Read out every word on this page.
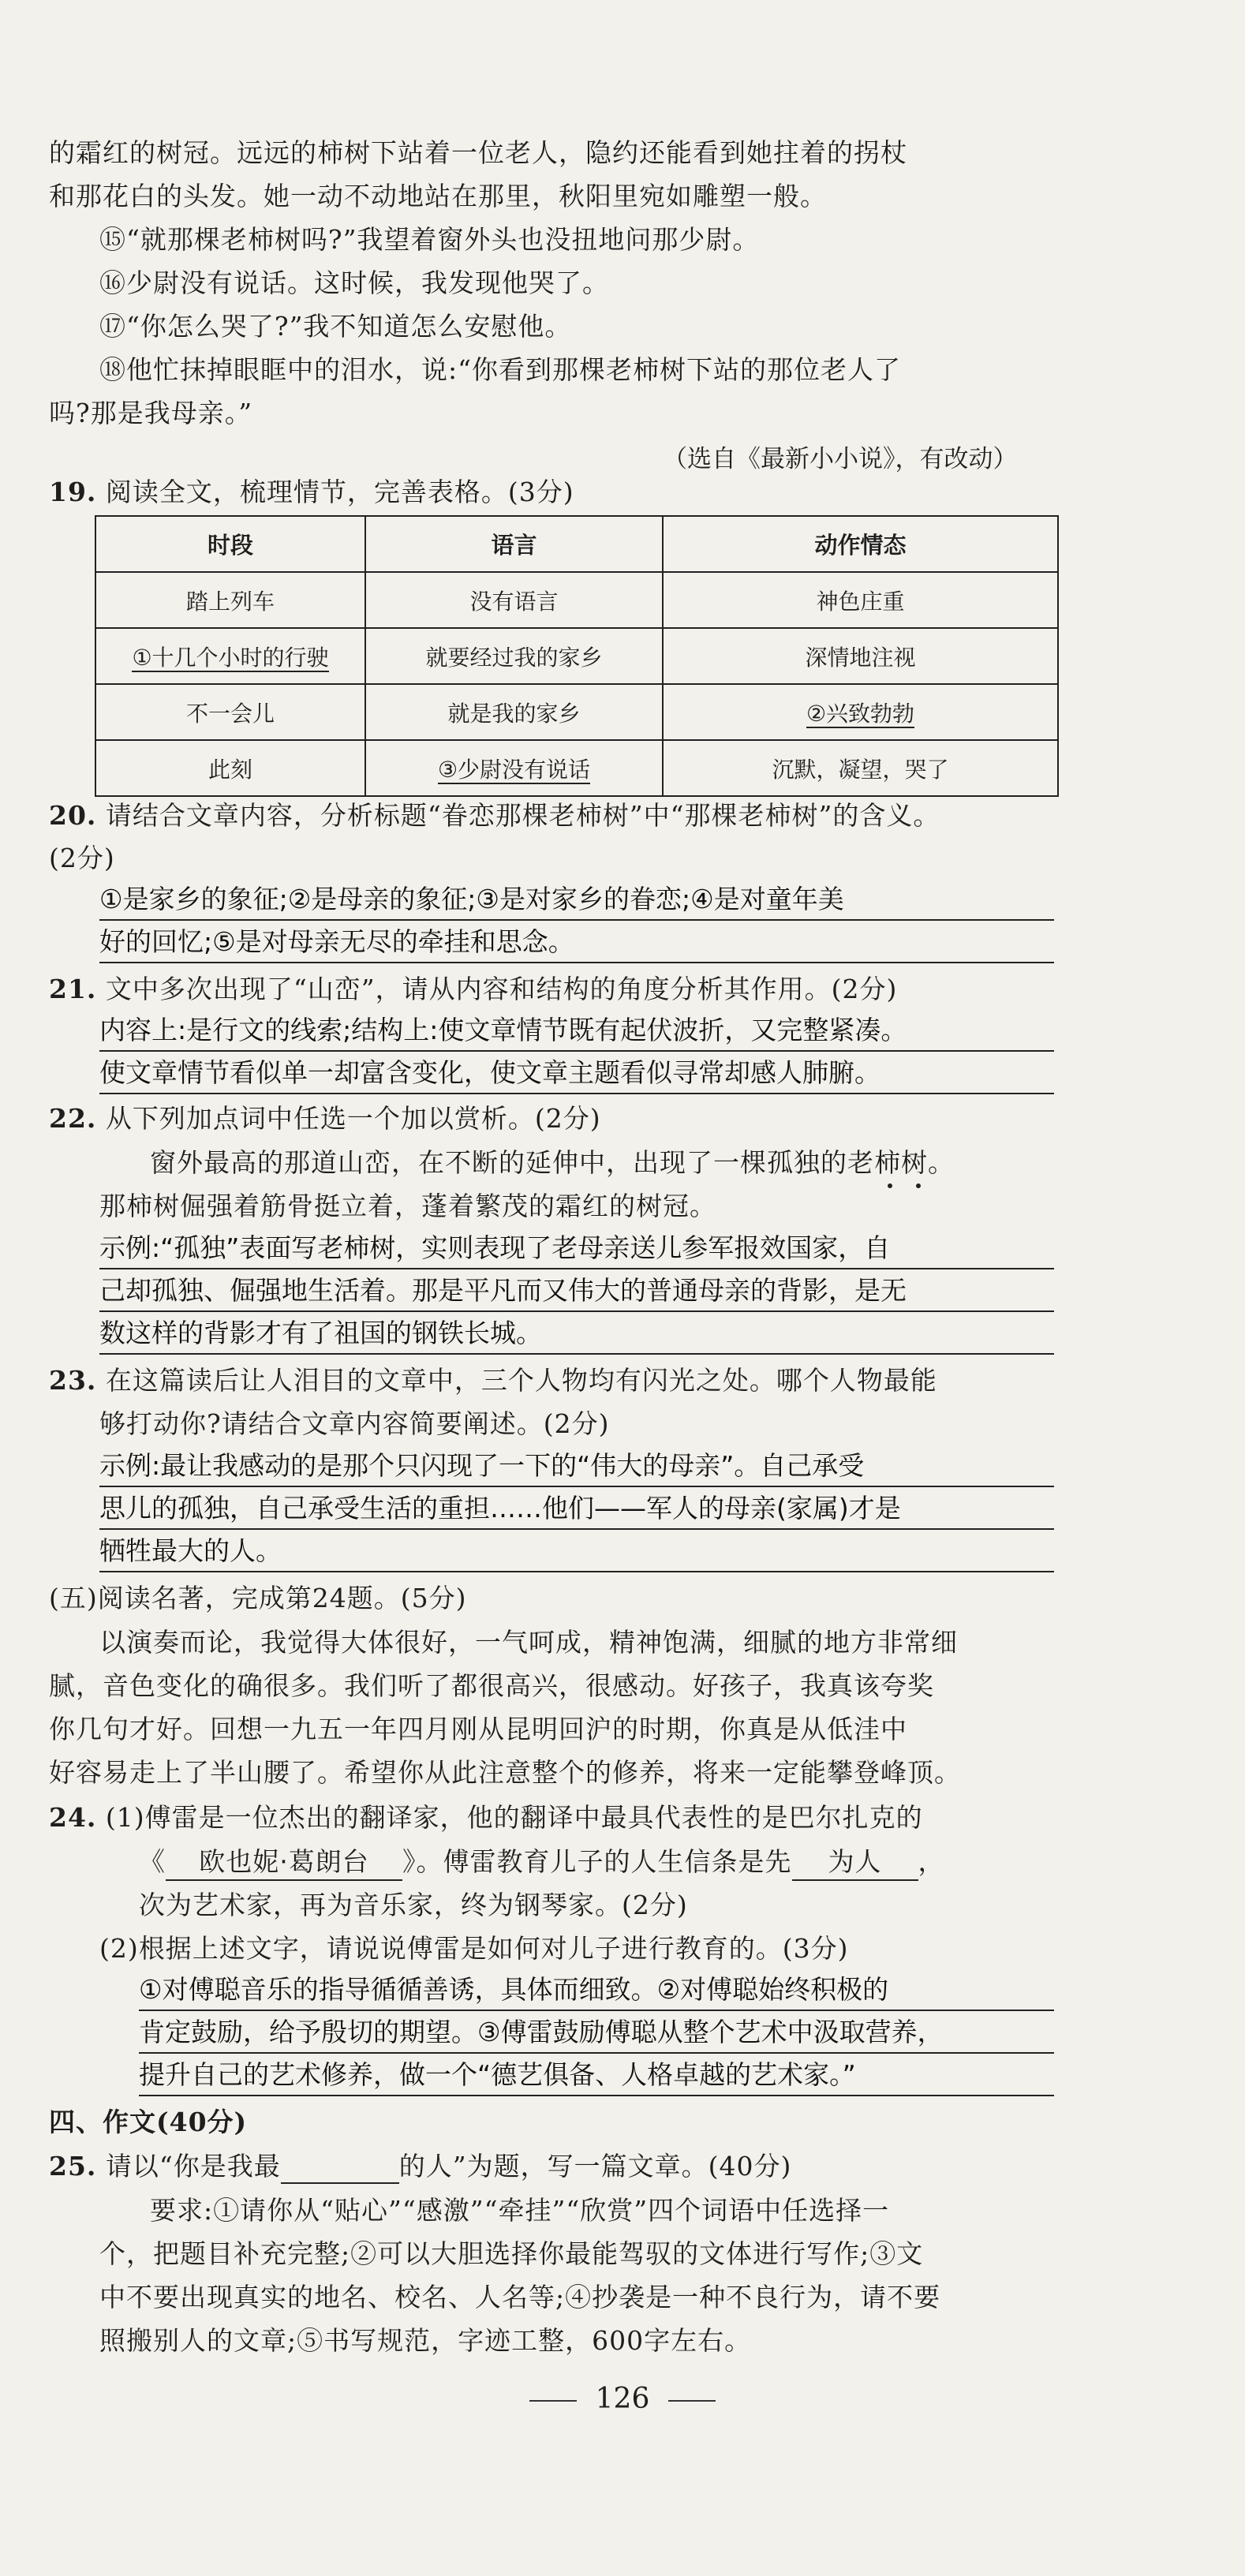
的霜红的树冠。远远的柿树下站着一位老人，隐约还能看到她拄着的拐杖
和那花白的头发。她一动不动地站在那里，秋阳里宛如雕塑一般。
⑮“就那棵老柿树吗?”我望着窗外头也没扭地问那少尉。
⑯少尉没有说话。这时候，我发现他哭了。
⑰“你怎么哭了?”我不知道怎么安慰他。
⑱他忙抹掉眼眶中的泪水，说:“你看到那棵老柿树下站的那位老人了
吗?那是我母亲。”
（选自《最新小小说》，有改动）
19. 阅读全文，梳理情节，完善表格。(3分)
时段	语言	动作情态
踏上列车	没有语言	神色庄重
①十几个小时的行驶	就要经过我的家乡	深情地注视
不一会儿	就是我的家乡	②兴致勃勃
此刻	③少尉没有说话	沉默，凝望，哭了
20. 请结合文章内容，分析标题“眷恋那棵老柿树”中“那棵老柿树”的含义。
(2分)
①是家乡的象征;②是母亲的象征;③是对家乡的眷恋;④是对童年美
好的回忆;⑤是对母亲无尽的牵挂和思念。
21. 文中多次出现了“山峦”，请从内容和结构的角度分析其作用。(2分)
内容上:是行文的线索;结构上:使文章情节既有起伏波折，又完整紧凑。
使文章情节看似单一却富含变化，使文章主题看似寻常却感人肺腑。
22. 从下列加点词中任选一个加以赏析。(2分)
窗外最高的那道山峦，在不断的延伸中，出现了一棵孤独的老柿树。
那柿树倔强着筋骨挺立着，蓬着繁茂的霜红的树冠。
示例:“孤独”表面写老柿树，实则表现了老母亲送儿参军报效国家，自
己却孤独、倔强地生活着。那是平凡而又伟大的普通母亲的背影，是无
数这样的背影才有了祖国的钢铁长城。
23. 在这篇读后让人泪目的文章中，三个人物均有闪光之处。哪个人物最能
够打动你?请结合文章内容简要阐述。(2分)
示例:最让我感动的是那个只闪现了一下的“伟大的母亲”。自己承受
思儿的孤独，自己承受生活的重担……他们——军人的母亲(家属)才是
牺牲最大的人。
(五)阅读名著，完成第24题。(5分)
以演奏而论，我觉得大体很好，一气呵成，精神饱满，细腻的地方非常细
腻，音色变化的确很多。我们听了都很高兴，很感动。好孩子，我真该夸奖
你几句才好。回想一九五一年四月刚从昆明回沪的时期，你真是从低洼中
好容易走上了半山腰了。希望你从此注意整个的修养，将来一定能攀登峰顶。
24. (1)傅雷是一位杰出的翻译家，他的翻译中最具代表性的是巴尔扎克的
《 欧也妮·葛朗台 》。傅雷教育儿子的人生信条是先 为人 ，
次为艺术家，再为音乐家，终为钢琴家。(2分)
(2)根据上述文字，请说说傅雷是如何对儿子进行教育的。(3分)
①对傅聪音乐的指导循循善诱，具体而细致。②对傅聪始终积极的
肯定鼓励，给予殷切的期望。③傅雷鼓励傅聪从整个艺术中汲取营养，
提升自己的艺术修养，做一个“德艺俱备、人格卓越的艺术家。”
四、作文(40分)
25. 请以“你是我最	的人”为题，写一篇文章。(40分)
要求:①请你从“贴心”“感激”“牵挂”“欣赏”四个词语中任选择一
个，把题目补充完整;②可以大胆选择你最能驾驭的文体进行写作;③文
中不要出现真实的地名、校名、人名等;④抄袭是一种不良行为，请不要
照搬别人的文章;⑤书写规范，字迹工整，600字左右。
126
